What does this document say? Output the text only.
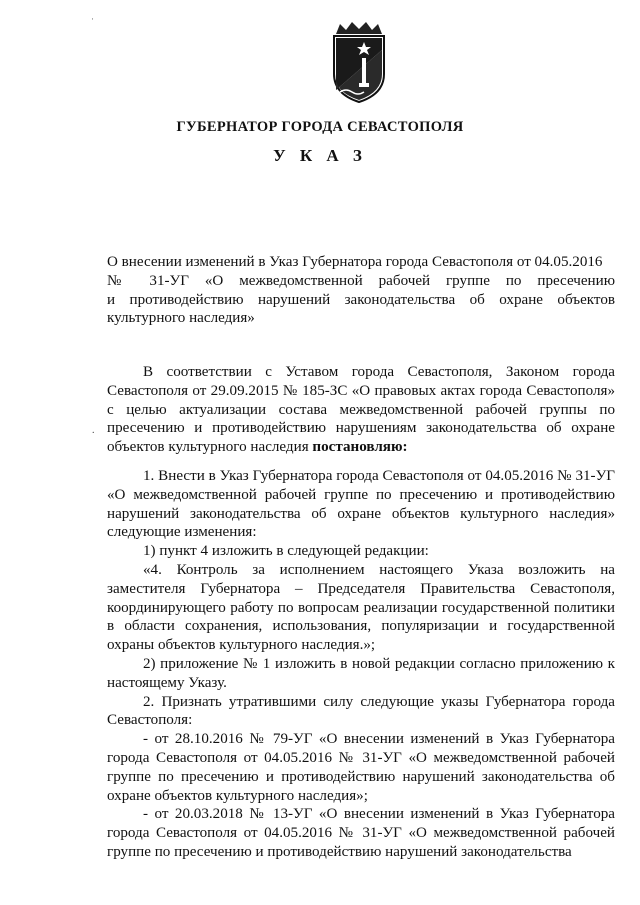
·

ГУБЕРНАТОР ГОРОДА СЕВАСТОПОЛЯ

У К А З

О внесении изменений в Указ Губернатора города Севастополя от 04.05.2016

№ 31-УГ «О межведомственной рабочей группе по пресечению

и противодействию нарушений законодательства об охране объектов

культурного наследия»

В соответствии с Уставом города Севастополя, Законом города Севастополя от 29.09.2015 № 185-ЗС «О правовых актах города Севастополя» с целью актуализации состава межведомственной рабочей группы по пресечению и противодействию нарушениям законодательства об охране объектов культурного наследия постановляю:

.

1. Внести в Указ Губернатора города Севастополя от 04.05.2016 № 31-УГ «О межведомственной рабочей группе по пресечению и противодействию нарушений законодательства об охране объектов культурного наследия» следующие изменения:

1) пункт 4 изложить в следующей редакции:

«4. Контроль за исполнением настоящего Указа возложить на заместителя Губернатора – Председателя Правительства Севастополя, координирующего работу по вопросам реализации государственной политики в области сохранения, использования, популяризации и государственной охраны объектов культурного наследия.»;

2) приложение № 1 изложить в новой редакции согласно приложению к настоящему Указу.

2. Признать утратившими силу следующие указы Губернатора города Севастополя:

- от 28.10.2016 № 79-УГ «О внесении изменений в Указ Губернатора города Севастополя от 04.05.2016 № 31-УГ «О межведомственной рабочей группе по пресечению и противодействию нарушений законодательства об охране объектов культурного наследия»;

- от 20.03.2018 № 13-УГ «О внесении изменений в Указ Губернатора города Севастополя от 04.05.2016 № 31-УГ «О межведомственной рабочей группе по пресечению и противодействию нарушений законодательства
